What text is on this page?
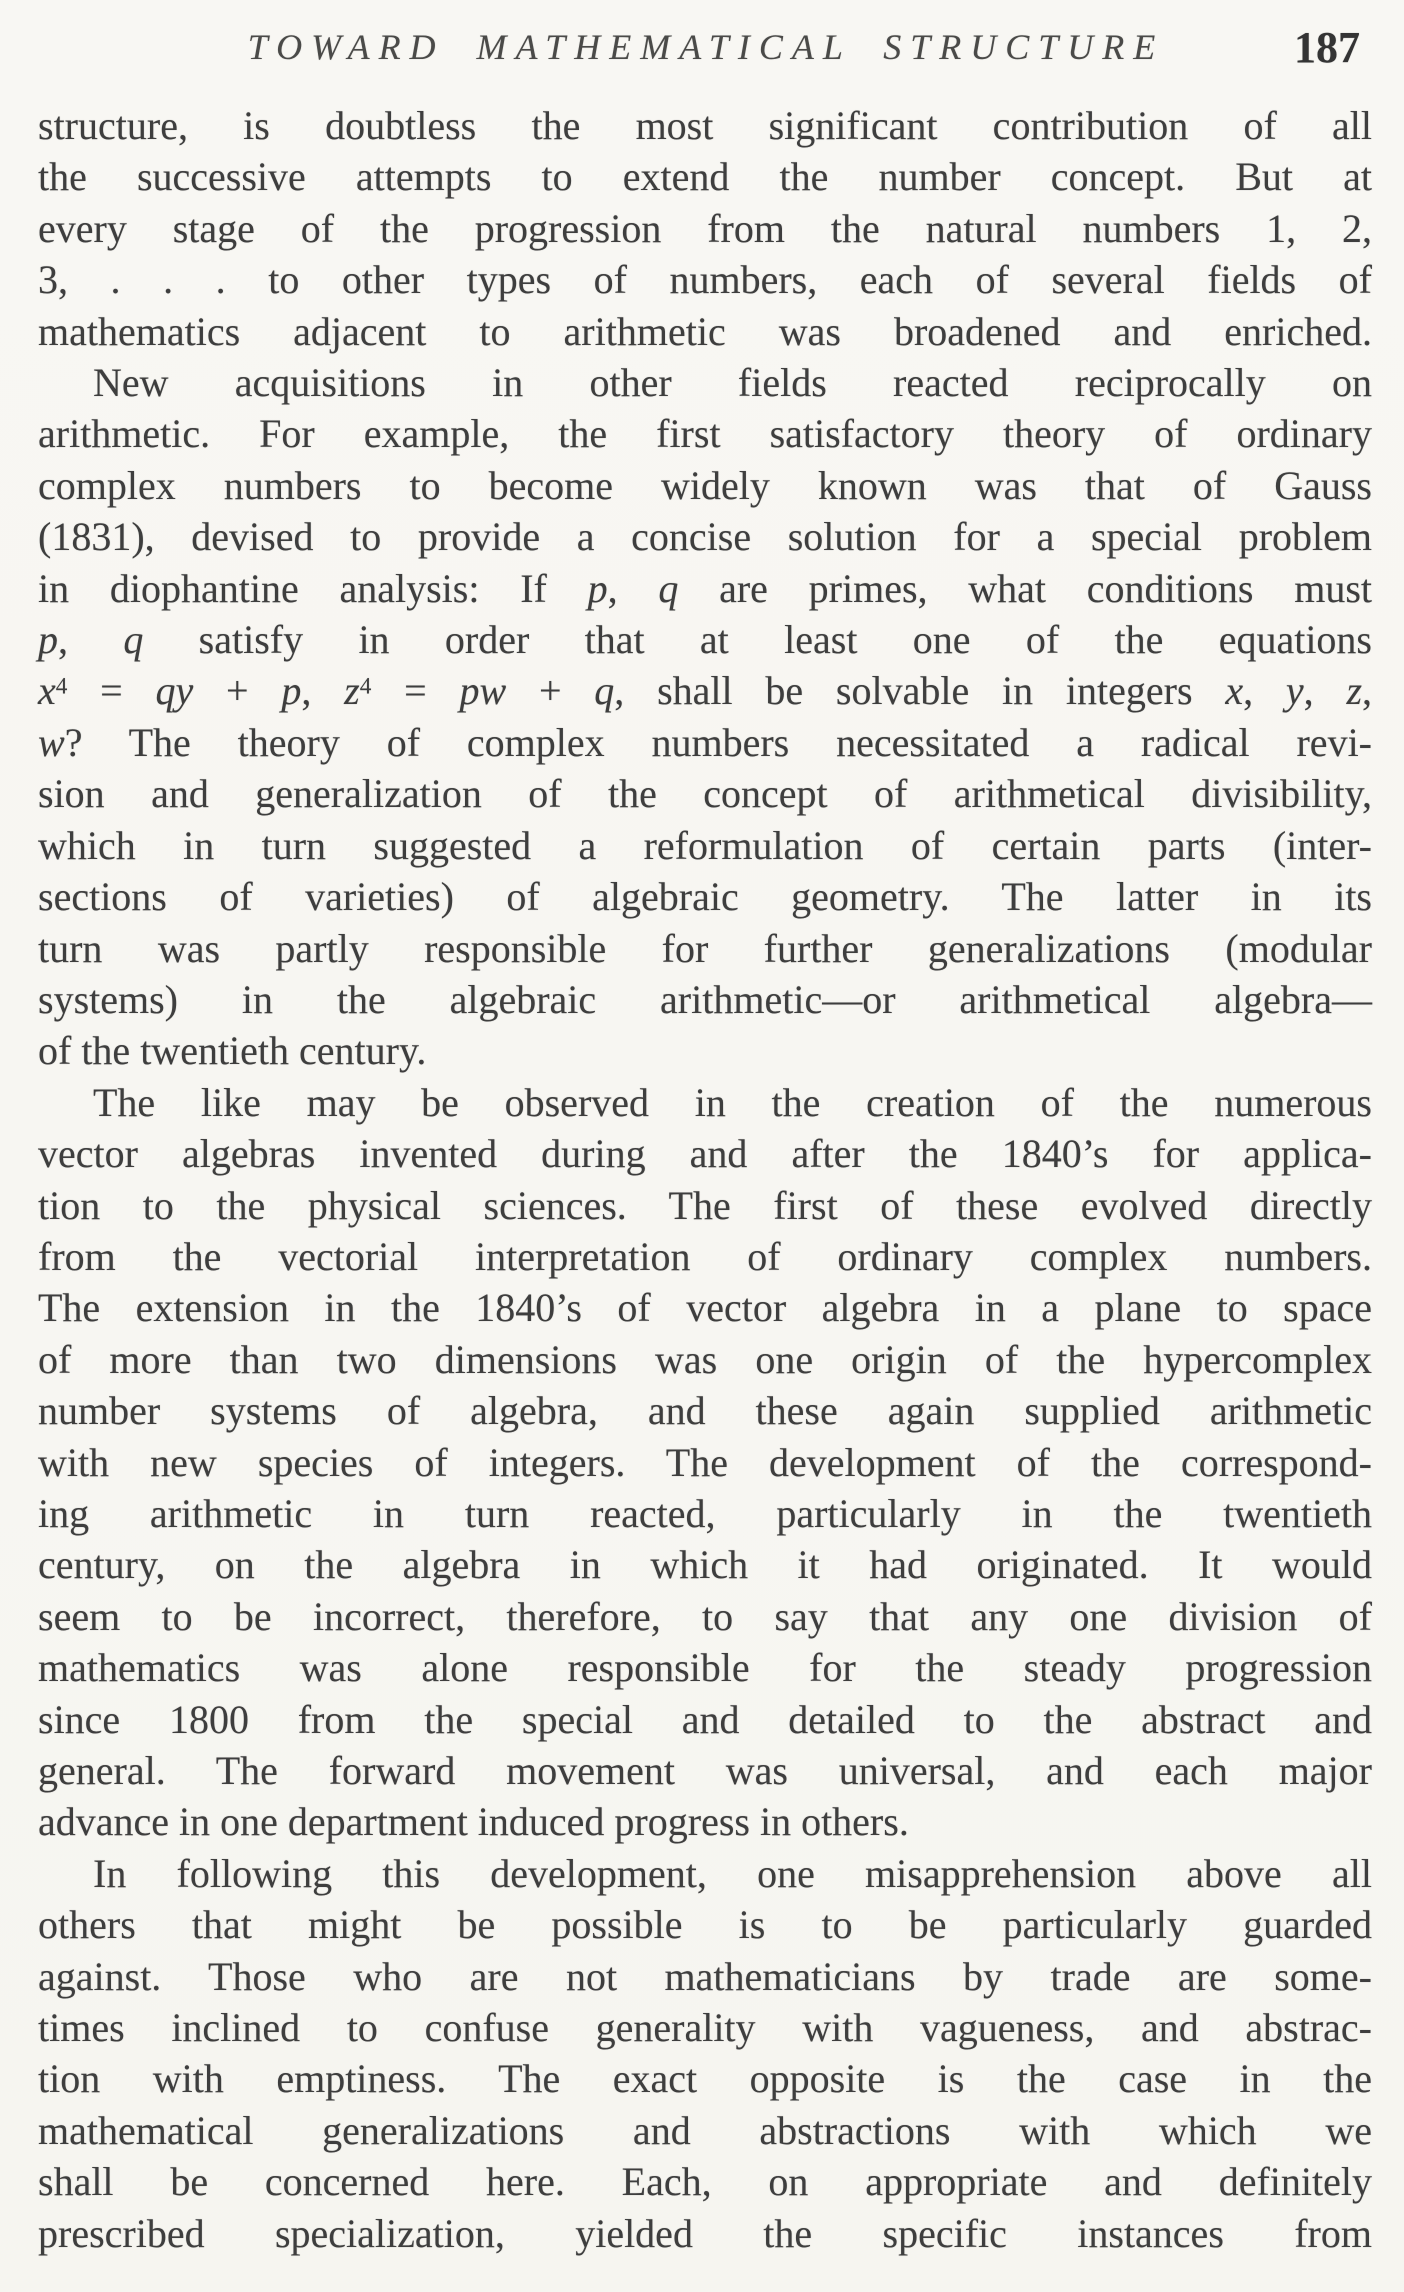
TOWARD MATHEMATICAL STRUCTURE	187
structure, is doubtless the most significant contribution of all
the successive attempts to extend the number concept. But at
every stage of the progression from the natural numbers 1, 2,
3, . . . to other types of numbers, each of several fields of
mathematics adjacent to arithmetic was broadened and enriched.
New acquisitions in other fields reacted reciprocally on
arithmetic. For example, the first satisfactory theory of ordinary
complex numbers to become widely known was that of Gauss
(1831), devised to provide a concise solution for a special problem
in diophantine analysis: If p, q are primes, what conditions must
p, q satisfy in order that at least one of the equations
$x^4$ = qy + p, $z^4$ = pw + q, shall be solvable in integers x, y, z,
w? The theory of complex numbers necessitated a radical revi-
sion and generalization of the concept of arithmetical divisibility,
which in turn suggested a reformulation of certain parts (inter-
sections of varieties) of algebraic geometry. The latter in its
turn was partly responsible for further generalizations (modular
systems) in the algebraic arithmetic—or arithmetical algebra—
of the twentieth century.
The like may be observed in the creation of the numerous
vector algebras invented during and after the 1840’s for applica-
tion to the physical sciences. The first of these evolved directly
from the vectorial interpretation of ordinary complex numbers.
The extension in the 1840’s of vector algebra in a plane to space
of more than two dimensions was one origin of the hypercomplex
number systems of algebra, and these again supplied arithmetic
with new species of integers. The development of the correspond-
ing arithmetic in turn reacted, particularly in the twentieth
century, on the algebra in which it had originated. It would
seem to be incorrect, therefore, to say that any one division of
mathematics was alone responsible for the steady progression
since 1800 from the special and detailed to the abstract and
general. The forward movement was universal, and each major
advance in one department induced progress in others.
In following this development, one misapprehension above all
others that might be possible is to be particularly guarded
against. Those who are not mathematicians by trade are some-
times inclined to confuse generality with vagueness, and abstrac-
tion with emptiness. The exact opposite is the case in the
mathematical generalizations and abstractions with which we
shall be concerned here. Each, on appropriate and definitely
prescribed specialization, yielded the specific instances from
